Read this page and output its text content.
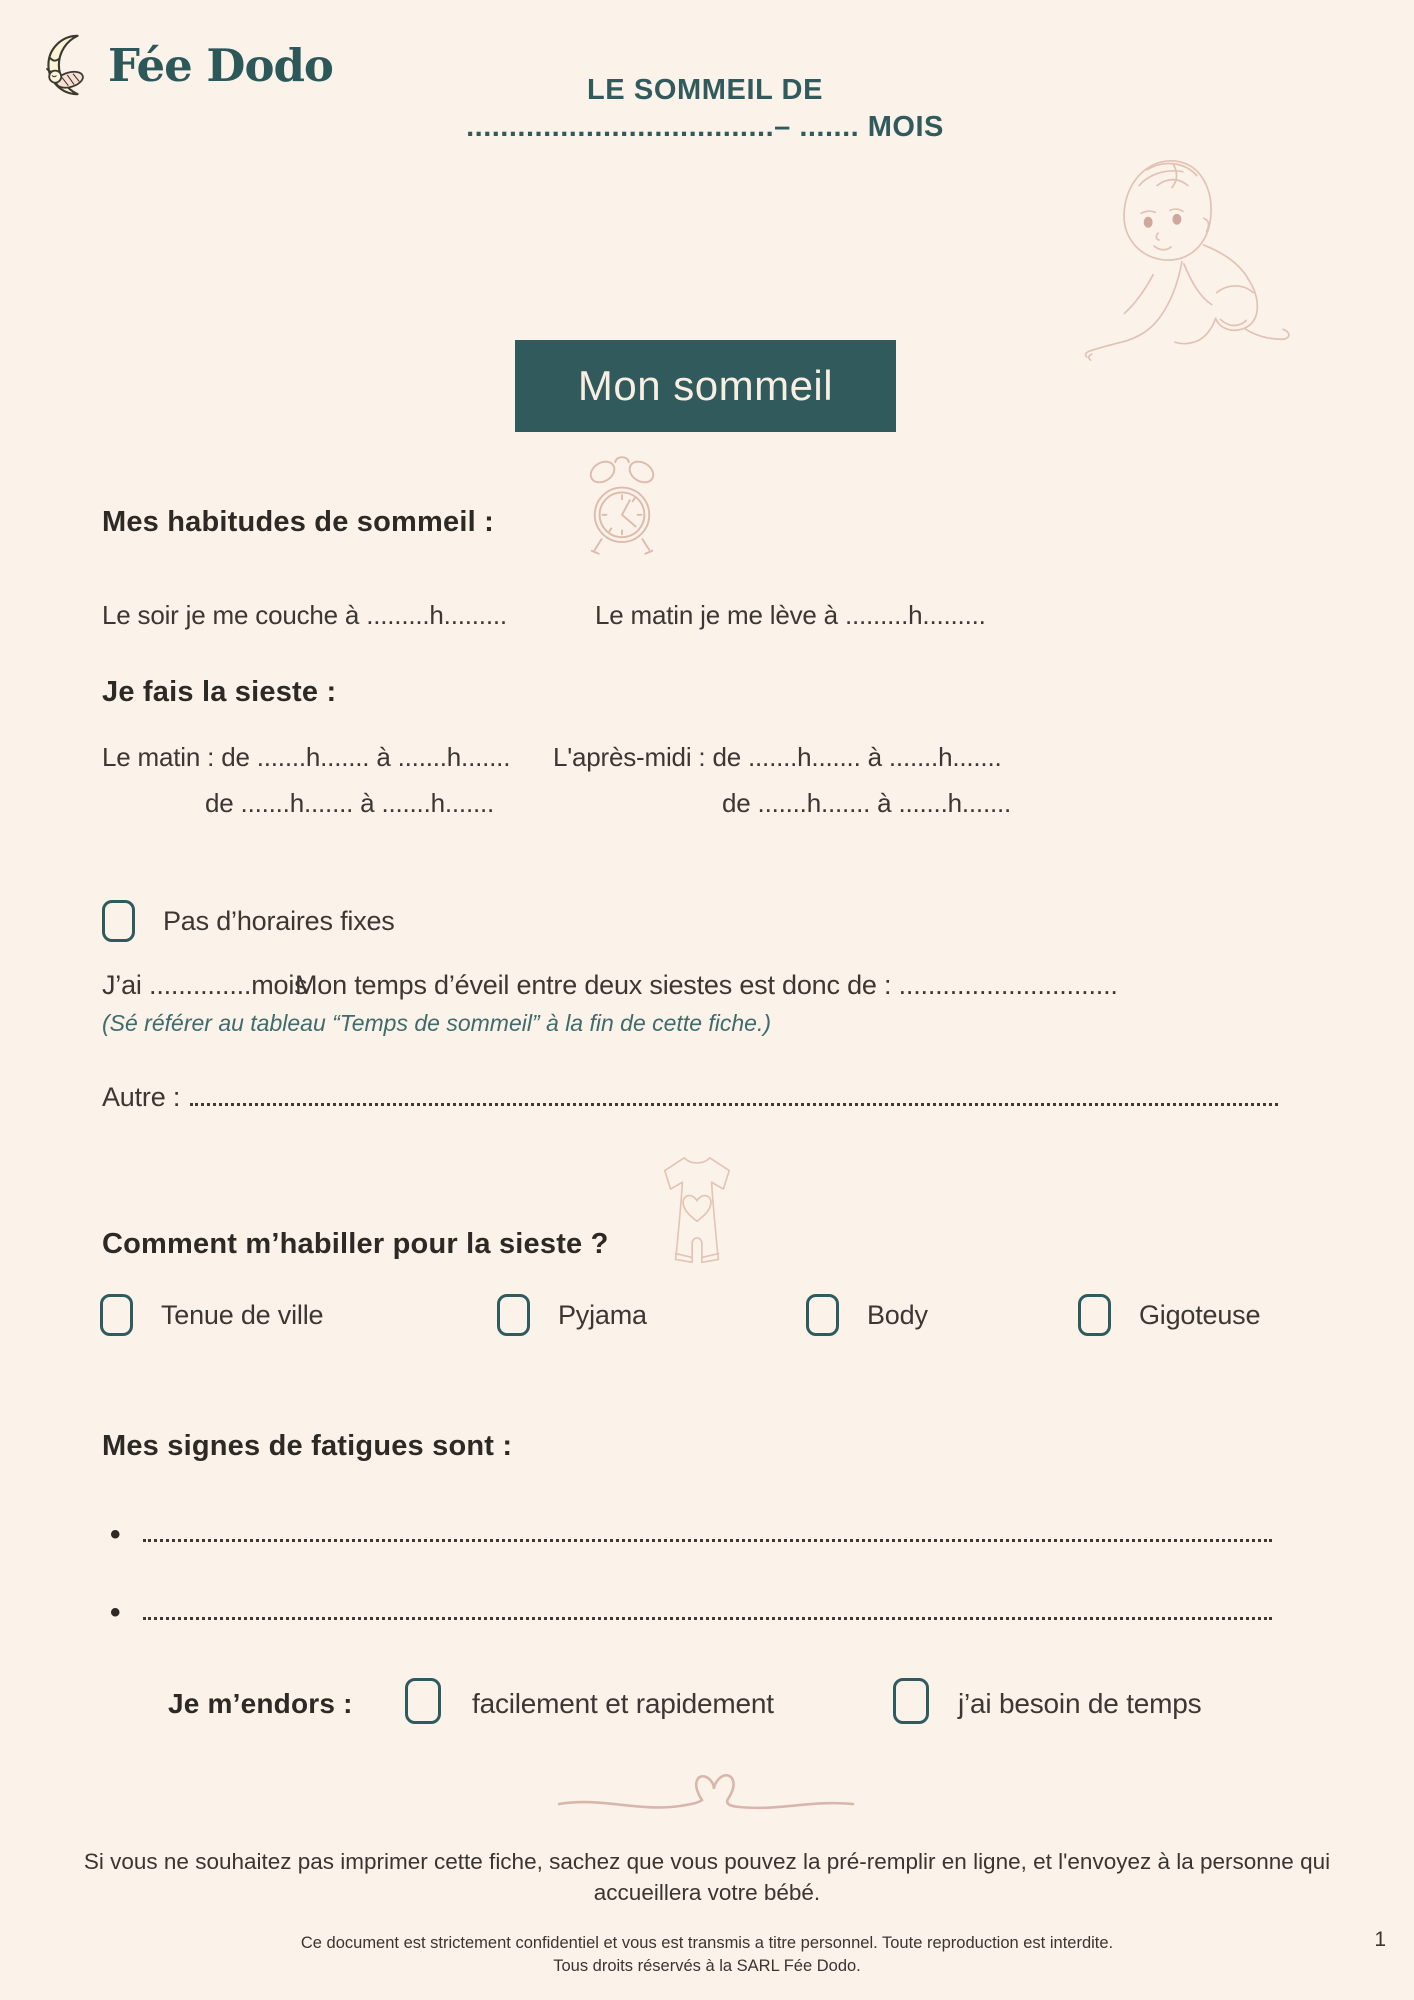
Fée Dodo	LE SOMMEIL DE
....................................– ....... MOIS
Mon sommeil
Mes habitudes de sommeil :
Le soir je me couche à .........h.........	Le matin je me lève à .........h.........
Je fais la sieste :
Le matin : de .......h....... à .......h....... L'après-midi : de .......h....... à .......h.......
de .......h....... à .......h.......	de .......h....... à .......h.......
Pas d’horaires fixes
J’ai ..............mois
Mon temps d’éveil entre deux siestes est donc de : ..............................
(Sé référer au tableau “Temps de sommeil” à la fin de cette fiche.)
Autre :
Comment m’habiller pour la sieste ?
Tenue de ville	Pyjama	Body	Gigoteuse
Mes signes de fatigues sont :
•
•
Je m’endors :	facilement et rapidement	j’ai besoin de temps
Si vous ne souhaitez pas imprimer cette fiche, sachez que vous pouvez la pré-remplir en ligne, et l'envoyez à la personne qui accueillera votre bébé.
Ce document est strictement confidentiel et vous est transmis a titre personnel. Toute reproduction est interdite.
Tous droits réservés à la SARL Fée Dodo.
1
